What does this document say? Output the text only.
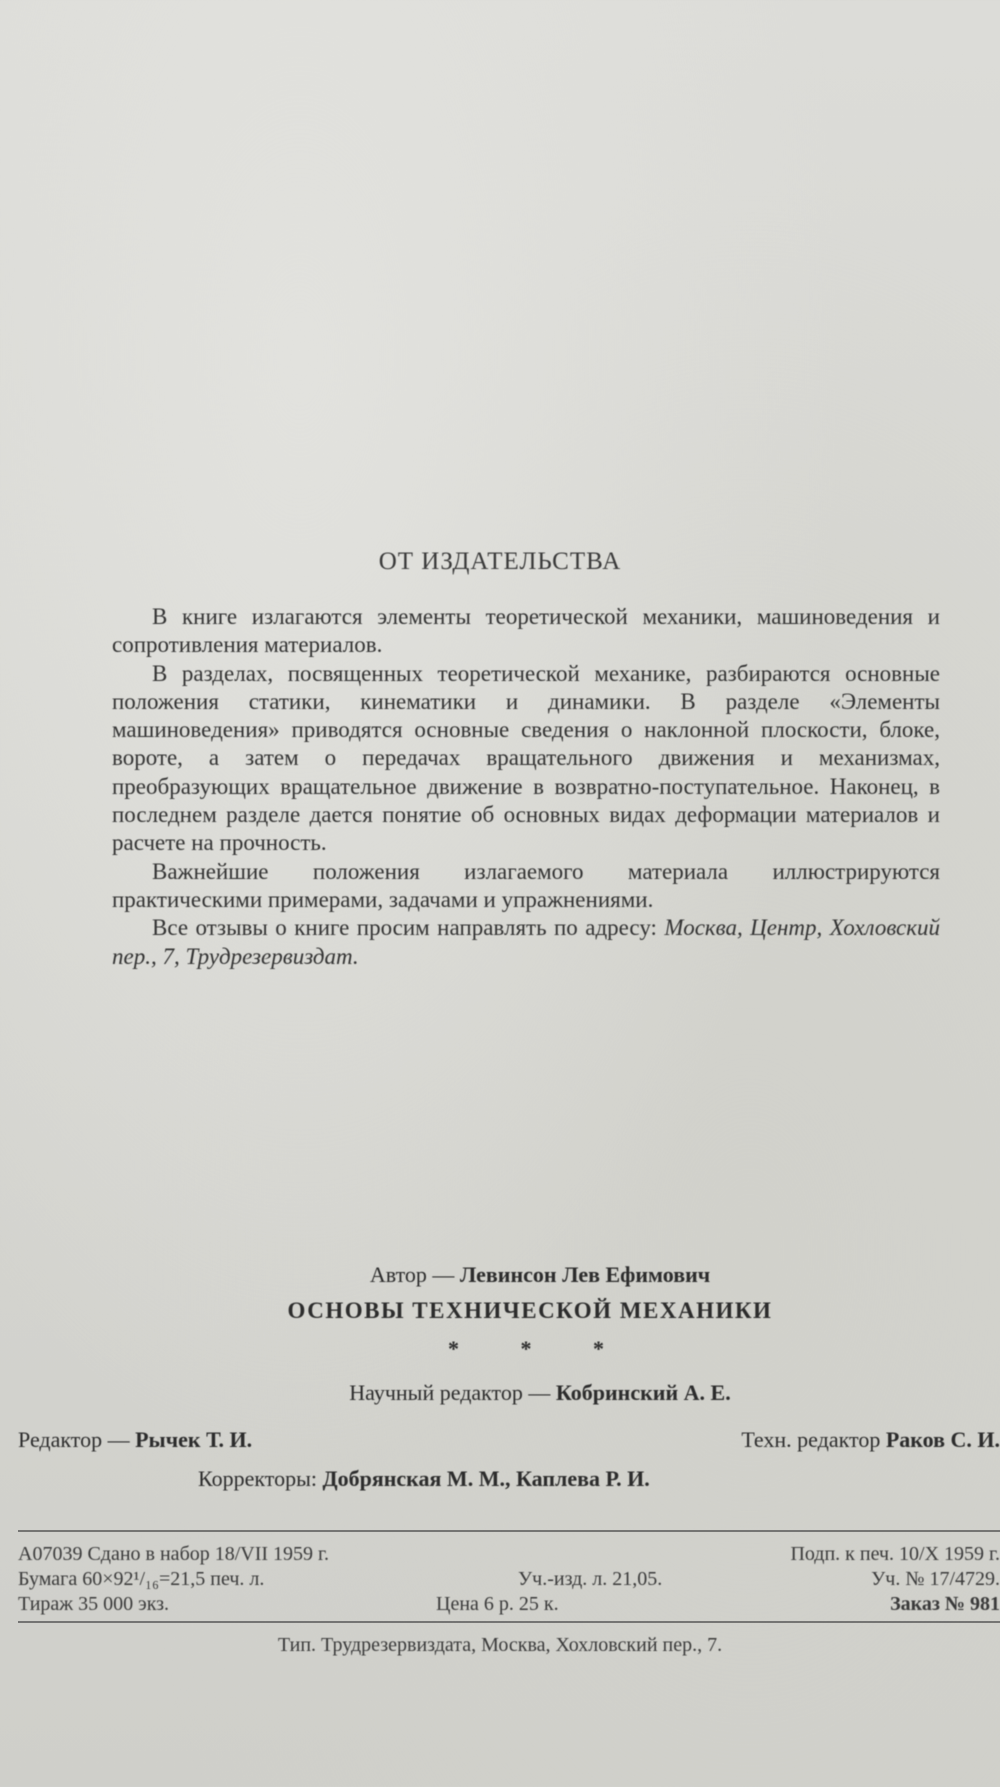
ОТ ИЗДАТЕЛЬСТВА

В книге излагаются элементы теоретической механики, машиноведения и сопротивления материалов.

В разделах, посвященных теоретической механике, разбираются основные положения статики, кинематики и динамики. В разделе «Элементы машиноведения» приводятся основные сведения о наклонной плоскости, блоке, вороте, а затем о передачах вращательного движения и механизмах, преобразующих вращательное движение в возвратно-поступательное. Наконец, в последнем разделе дается понятие об основных видах деформации материалов и расчете на прочность.

Важнейшие положения излагаемого материала иллюстрируются практическими примерами, задачами и упражнениями.

Все отзывы о книге просим направлять по адресу: Москва, Центр, Хохловский пер., 7, Трудрезервиздат.

Автор — Левинсон Лев Ефимович
ОСНОВЫ ТЕХНИЧЕСКОЙ МЕХАНИКИ
* * *
Научный редактор — Кобринский А. Е.
Редактор — Рычек Т. И.	Техн. редактор Раков С. И.
Корректоры: Добрянская М. М., Каплева Р. И.
А07039 Сдано в набор 18/VII 1959 г.	Подп. к печ. 10/X 1959 г.
Бумага 60×92¹/₁₆=21,5 печ. л.	Уч.-изд. л. 21,05.	Уч. № 17/4729.
Тираж 35 000 экз.	Цена 6 р. 25 к.	Заказ № 981
Тип. Трудрезервиздата, Москва, Хохловский пер., 7.
